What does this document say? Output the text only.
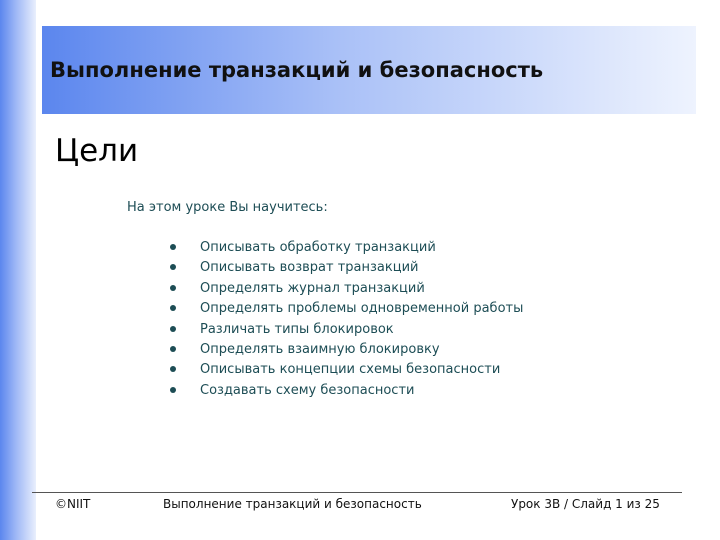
Выполнение транзакций и безопасность
Цели
На этом уроке Вы научитесь:
Описывать обработку транзакций
Описывать возврат транзакций
Определять журнал транзакций
Определять проблемы одновременной работы
Различать типы блокировок
Определять взаимную блокировку
Описывать концепции схемы безопасности
Создавать схему безопасности
©NIIT	Выполнение транзакций и безопасность	Урок 3B / Слайд 1 из 25
